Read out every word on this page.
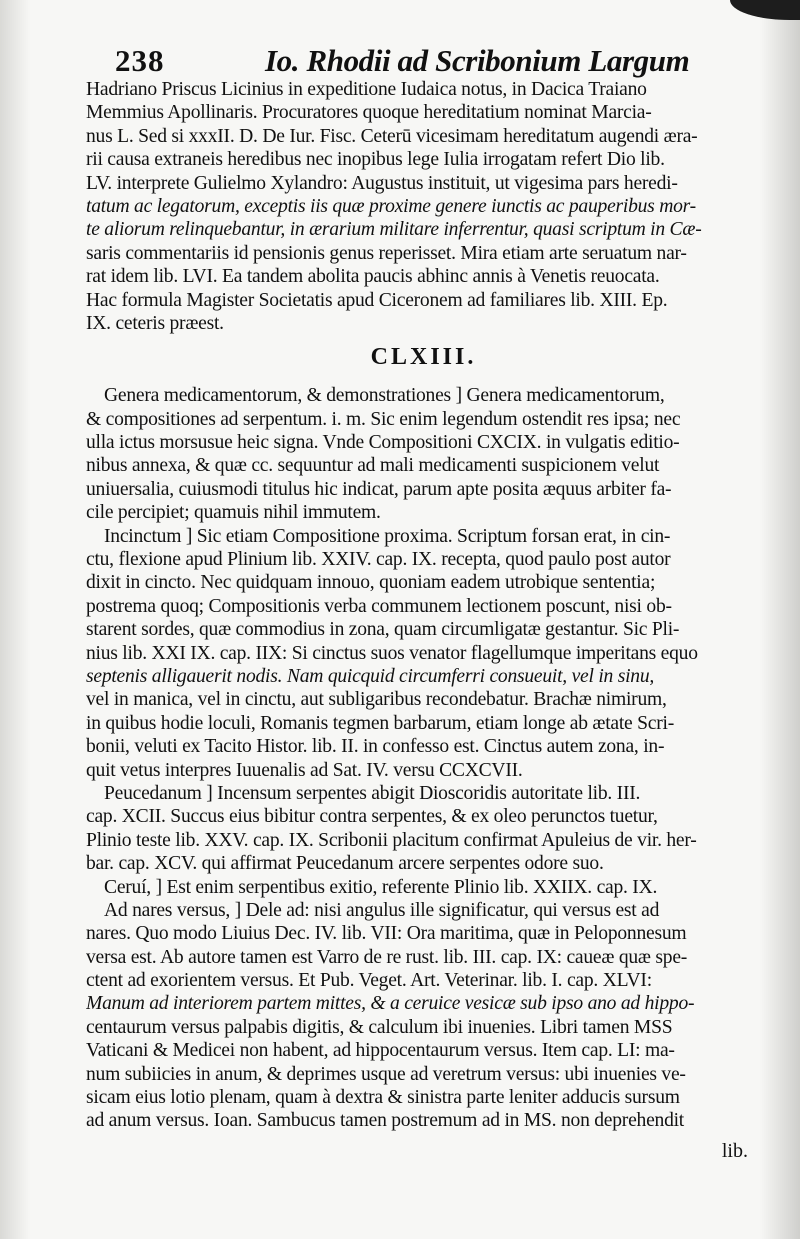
238	Io. Rhodii ad Scribonium Largum
Hadriano Priscus Licinius in expeditione Iudaica notus, in Dacica Traiano
Memmius Apollinaris. Procuratores quoque hereditatium nominat Marcia-
nus L. Sed si xxxII. D. De Iur. Fisc. Ceterū vicesimam hereditatum augendi æra-
rii causa extraneis heredibus nec inopibus lege Iulia irrogatam refert Dio lib.
LV. interprete Gulielmo Xylandro: Augustus instituit, ut vigesima pars heredi-
tatum ac legatorum, exceptis iis quæ proxime genere iunctis ac pauperibus mor-
te aliorum relinquebantur, in ærarium militare inferrentur, quasi scriptum in Cæ-
saris commentariis id pensionis genus reperisset. Mira etiam arte seruatum nar-
rat idem lib. LVI. Ea tandem abolita paucis abhinc annis à Venetis reuocata.
Hac formula Magister Societatis apud Ciceronem ad familiares lib. XIII. Ep.
IX. ceteris præest.
CLXIII.
Genera medicamentorum, & demonstrationes ] Genera medicamentorum,
& compositiones ad serpentum. i. m. Sic enim legendum ostendit res ipsa; nec
ulla ictus morsusue heic signa. Vnde Compositioni CXCIX. in vulgatis editio-
nibus annexa, & quæ cc. sequuntur ad mali medicamenti suspicionem velut
uniuersalia, cuiusmodi titulus hic indicat, parum apte posita æquus arbiter fa-
cile percipiet; quamuis nihil immutem.
Incinctum ] Sic etiam Compositione proxima. Scriptum forsan erat, in cin-
ctu, flexione apud Plinium lib. XXIV. cap. IX. recepta, quod paulo post autor
dixit in cincto. Nec quidquam innouo, quoniam eadem utrobique sententia;
postrema quoq; Compositionis verba communem lectionem poscunt, nisi ob-
starent sordes, quæ commodius in zona, quam circumligatæ gestantur. Sic Pli-
nius lib. XXI IX. cap. IIX: Si cinctus suos venator flagellumque imperitans equo
septenis alligauerit nodis. Nam quicquid circumferri consueuit, vel in sinu,
vel in manica, vel in cinctu, aut subligaribus recondebatur. Brachæ nimirum,
in quibus hodie loculi, Romanis tegmen barbarum, etiam longe ab ætate Scri-
bonii, veluti ex Tacito Histor. lib. II. in confesso est. Cinctus autem zona, in-
quit vetus interpres Iuuenalis ad Sat. IV. versu CCXCVII.
Peucedanum ] Incensum serpentes abigit Dioscoridis autoritate lib. III.
cap. XCII. Succus eius bibitur contra serpentes, & ex oleo perunctos tuetur,
Plinio teste lib. XXV. cap. IX. Scribonii placitum confirmat Apuleius de vir. her-
bar. cap. XCV. qui affirmat Peucedanum arcere serpentes odore suo.
Ceruí, ] Est enim serpentibus exitio, referente Plinio lib. XXIIX. cap. IX.
Ad nares versus, ] Dele ad: nisi angulus ille significatur, qui versus est ad
nares. Quo modo Liuius Dec. IV. lib. VII: Ora maritima, quæ in Peloponnesum
versa est. Ab autore tamen est Varro de re rust. lib. III. cap. IX: caueæ quæ spe-
ctent ad exorientem versus. Et Pub. Veget. Art. Veterinar. lib. I. cap. XLVI:
Manum ad interiorem partem mittes, & a ceruice vesicæ sub ipso ano ad hippo-
centaurum versus palpabis digitis, & calculum ibi inuenies. Libri tamen MSS
Vaticani & Medicei non habent, ad hippocentaurum versus. Item cap. LI: ma-
num subiicies in anum, & deprimes usque ad veretrum versus: ubi inuenies ve-
sicam eius lotio plenam, quam à dextra & sinistra parte leniter adducis sursum
ad anum versus. Ioan. Sambucus tamen postremum ad in MS. non deprehendit
lib.
